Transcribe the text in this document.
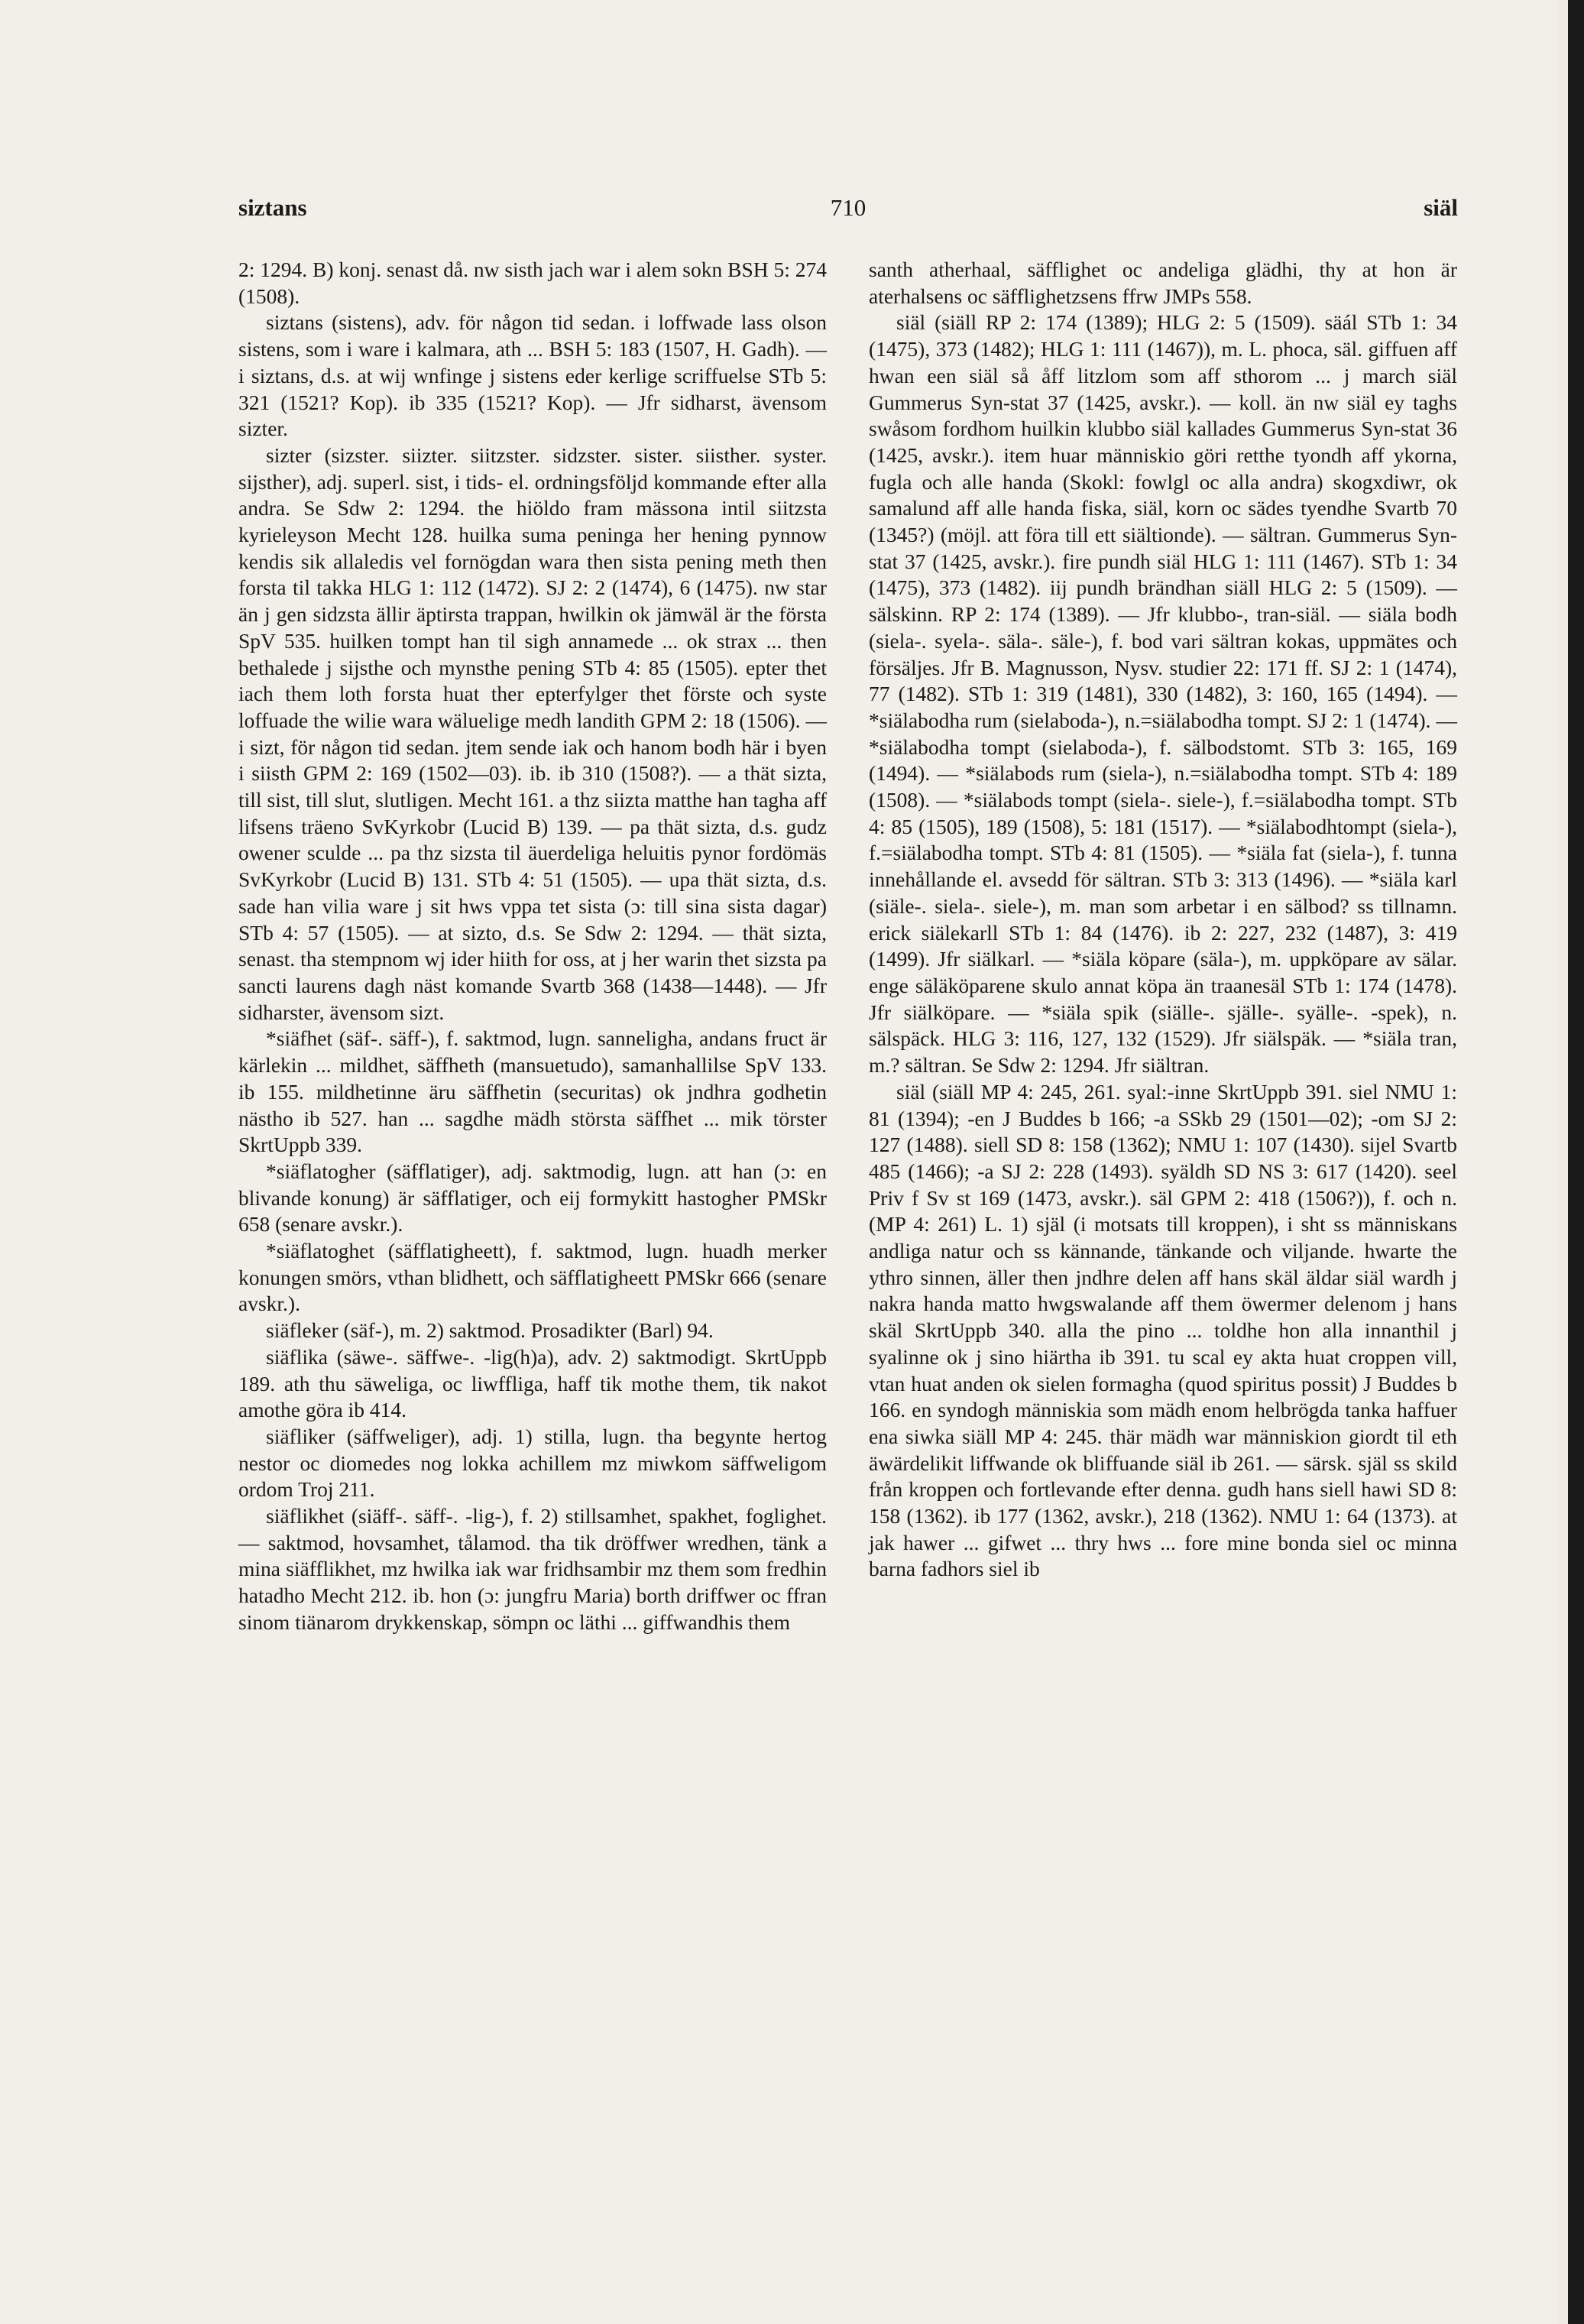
siztans	710	siäl

2: 1294. B) konj. senast då. nw sisth jach war i alem sokn BSH 5: 274 (1508).

siztans (sistens), adv. för någon tid sedan. i loffwade lass olson sistens, som i ware i kalmara, ath ... BSH 5: 183 (1507, H. Gadh). — i siztans, d.s. at wij wnfinge j sistens eder kerlige scriffuelse STb 5: 321 (1521? Kop). ib 335 (1521? Kop). — Jfr sidharst, ävensom sizter.

sizter (sizster. siizter. siitzster. sidzster. sister. siisther. syster. sijsther), adj. superl. sist, i tids- el. ordningsföljd kommande efter alla andra. Se Sdw 2: 1294. the hiöldo fram mässona intil siitzsta kyrieleyson Mecht 128. huilka suma peninga her hening pynnow kendis sik allaledis vel fornögdan wara then sista pening meth then forsta til takka HLG 1: 112 (1472). SJ 2: 2 (1474), 6 (1475). nw star än j gen sidzsta ällir äptirsta trappan, hwilkin ok jämwäl är the första SpV 535. huilken tompt han til sigh annamede ... ok strax ... then bethalede j sijsthe och mynsthe pening STb 4: 85 (1505). epter thet iach them loth forsta huat ther epterfylger thet förste och syste loffuade the wilie wara wäluelige medh landith GPM 2: 18 (1506). — i sizt, för någon tid sedan. jtem sende iak och hanom bodh här i byen i siisth GPM 2: 169 (1502—03). ib. ib 310 (1508?). — a thät sizta, till sist, till slut, slutligen. Mecht 161. a thz siizta matthe han tagha aff lifsens träeno SvKyrkobr (Lucid B) 139. — pa thät sizta, d.s. gudz owener sculde ... pa thz sizsta til äuerdeliga heluitis pynor fordömäs SvKyrkobr (Lucid B) 131. STb 4: 51 (1505). — upa thät sizta, d.s. sade han vilia ware j sit hws vppa tet sista (ɔ: till sina sista dagar) STb 4: 57 (1505). — at sizto, d.s. Se Sdw 2: 1294. — thät sizta, senast. tha stempnom wj ider hiith for oss, at j her warin thet sizsta pa sancti laurens dagh näst komande Svartb 368 (1438—1448). — Jfr sidharster, ävensom sizt.

*siäfhet (säf-. säff-), f. saktmod, lugn. sanneligha, andans fruct är kärlekin ... mildhet, säffheth (mansuetudo), samanhallilse SpV 133. ib 155. mildhetinne äru säffhetin (securitas) ok jndhra godhetin nästho ib 527. han ... sagdhe mädh största säffhet ... mik törster SkrtUppb 339.

*siäflatogher (säfflatiger), adj. saktmodig, lugn. att han (ɔ: en blivande konung) är säfflatiger, och eij formykitt hastogher PMSkr 658 (senare avskr.).

*siäflatoghet (säfflatigheett), f. saktmod, lugn. huadh merker konungen smörs, vthan blidhett, och säfflatigheett PMSkr 666 (senare avskr.).

siäfleker (säf-), m. 2) saktmod. Prosadikter (Barl) 94.

siäflika (säwe-. säffwe-. -lig(h)a), adv. 2) saktmodigt. SkrtUppb 189. ath thu säweliga, oc liwffliga, haff tik mothe them, tik nakot amothe göra ib 414.

siäfliker (säffweliger), adj. 1) stilla, lugn. tha begynte hertog nestor oc diomedes nog lokka achillem mz miwkom säffweligom ordom Troj 211.

siäflikhet (siäff-. säff-. -lig-), f. 2) stillsamhet, spakhet, foglighet. — saktmod, hovsamhet, tålamod. tha tik dröffwer wredhen, tänk a mina siäfflikhet, mz hwilka iak war fridhsambir mz them som fredhin hatadho Mecht 212. ib. hon (ɔ: jungfru Maria) borth driffwer oc ffran sinom tiänarom drykkenskap, sömpn oc läthi ... giffwandhis them

santh atherhaal, säfflighet oc andeliga glädhi, thy at hon är aterhalsens oc säfflighetzsens ffrw JMPs 558.

siäl (siäll RP 2: 174 (1389); HLG 2: 5 (1509). säál STb 1: 34 (1475), 373 (1482); HLG 1: 111 (1467)), m. L. phoca, säl. giffuen aff hwan een siäl så åff litzlom som aff sthorom ... j march siäl Gummerus Syn-stat 37 (1425, avskr.). — koll. än nw siäl ey taghs swåsom fordhom huilkin klubbo siäl kallades Gummerus Syn-stat 36 (1425, avskr.). item huar människio göri retthe tyondh aff ykorna, fugla och alle handa (Skokl: fowlgl oc alla andra) skogxdiwr, ok samalund aff alle handa fiska, siäl, korn oc sädes tyendhe Svartb 70 (1345?) (möjl. att föra till ett siältionde). — sältran. Gummerus Syn-stat 37 (1425, avskr.). fire pundh siäl HLG 1: 111 (1467). STb 1: 34 (1475), 373 (1482). iij pundh brändhan siäll HLG 2: 5 (1509). — sälskinn. RP 2: 174 (1389). — Jfr klubbo-, tran-siäl. — siäla bodh (siela-. syela-. säla-. säle-), f. bod vari sältran kokas, uppmätes och försäljes. Jfr B. Magnusson, Nysv. studier 22: 171 ff. SJ 2: 1 (1474), 77 (1482). STb 1: 319 (1481), 330 (1482), 3: 160, 165 (1494). — *siälabodha rum (sielaboda-), n.=siälabodha tompt. SJ 2: 1 (1474). — *siälabodha tompt (sielaboda-), f. sälbodstomt. STb 3: 165, 169 (1494). — *siälabods rum (siela-), n.=siälabodha tompt. STb 4: 189 (1508). — *siälabods tompt (siela-. siele-), f.=siälabodha tompt. STb 4: 85 (1505), 189 (1508), 5: 181 (1517). — *siälabodhtompt (siela-), f.=siälabodha tompt. STb 4: 81 (1505). — *siäla fat (siela-), f. tunna innehållande el. avsedd för sältran. STb 3: 313 (1496). — *siäla karl (siäle-. siela-. siele-), m. man som arbetar i en sälbod? ss tillnamn. erick siälekarll STb 1: 84 (1476). ib 2: 227, 232 (1487), 3: 419 (1499). Jfr siälkarl. — *siäla köpare (säla-), m. uppköpare av sälar. enge säläköparene skulo annat köpa än traanesäl STb 1: 174 (1478). Jfr siälköpare. — *siäla spik (siälle-. själle-. syälle-. -spek), n. sälspäck. HLG 3: 116, 127, 132 (1529). Jfr siälspäk. — *siäla tran, m.? sältran. Se Sdw 2: 1294. Jfr siältran.

siäl (siäll MP 4: 245, 261. syal:-inne SkrtUppb 391. siel NMU 1: 81 (1394); -en J Buddes b 166; -a SSkb 29 (1501—02); -om SJ 2: 127 (1488). siell SD 8: 158 (1362); NMU 1: 107 (1430). sijel Svartb 485 (1466); -a SJ 2: 228 (1493). syäldh SD NS 3: 617 (1420). seel Priv f Sv st 169 (1473, avskr.). säl GPM 2: 418 (1506?)), f. och n. (MP 4: 261) L. 1) själ (i motsats till kroppen), i sht ss människans andliga natur och ss kännande, tänkande och viljande. hwarte the ythro sinnen, äller then jndhre delen aff hans skäl äldar siäl wardh j nakra handa matto hwgswalande aff them öwermer delenom j hans skäl SkrtUppb 340. alla the pino ... toldhe hon alla innanthil j syalinne ok j sino hiärtha ib 391. tu scal ey akta huat croppen vill, vtan huat anden ok sielen formagha (quod spiritus possit) J Buddes b 166. en syndogh människia som mädh enom helbrögda tanka haffuer ena siwka siäll MP 4: 245. thär mädh war människion giordt til eth äwärdelikit liffwande ok bliffuande siäl ib 261. — särsk. själ ss skild från kroppen och fortlevande efter denna. gudh hans siell hawi SD 8: 158 (1362). ib 177 (1362, avskr.), 218 (1362). NMU 1: 64 (1373). at jak hawer ... gifwet ... thry hws ... fore mine bonda siel oc minna barna fadhors siel ib
